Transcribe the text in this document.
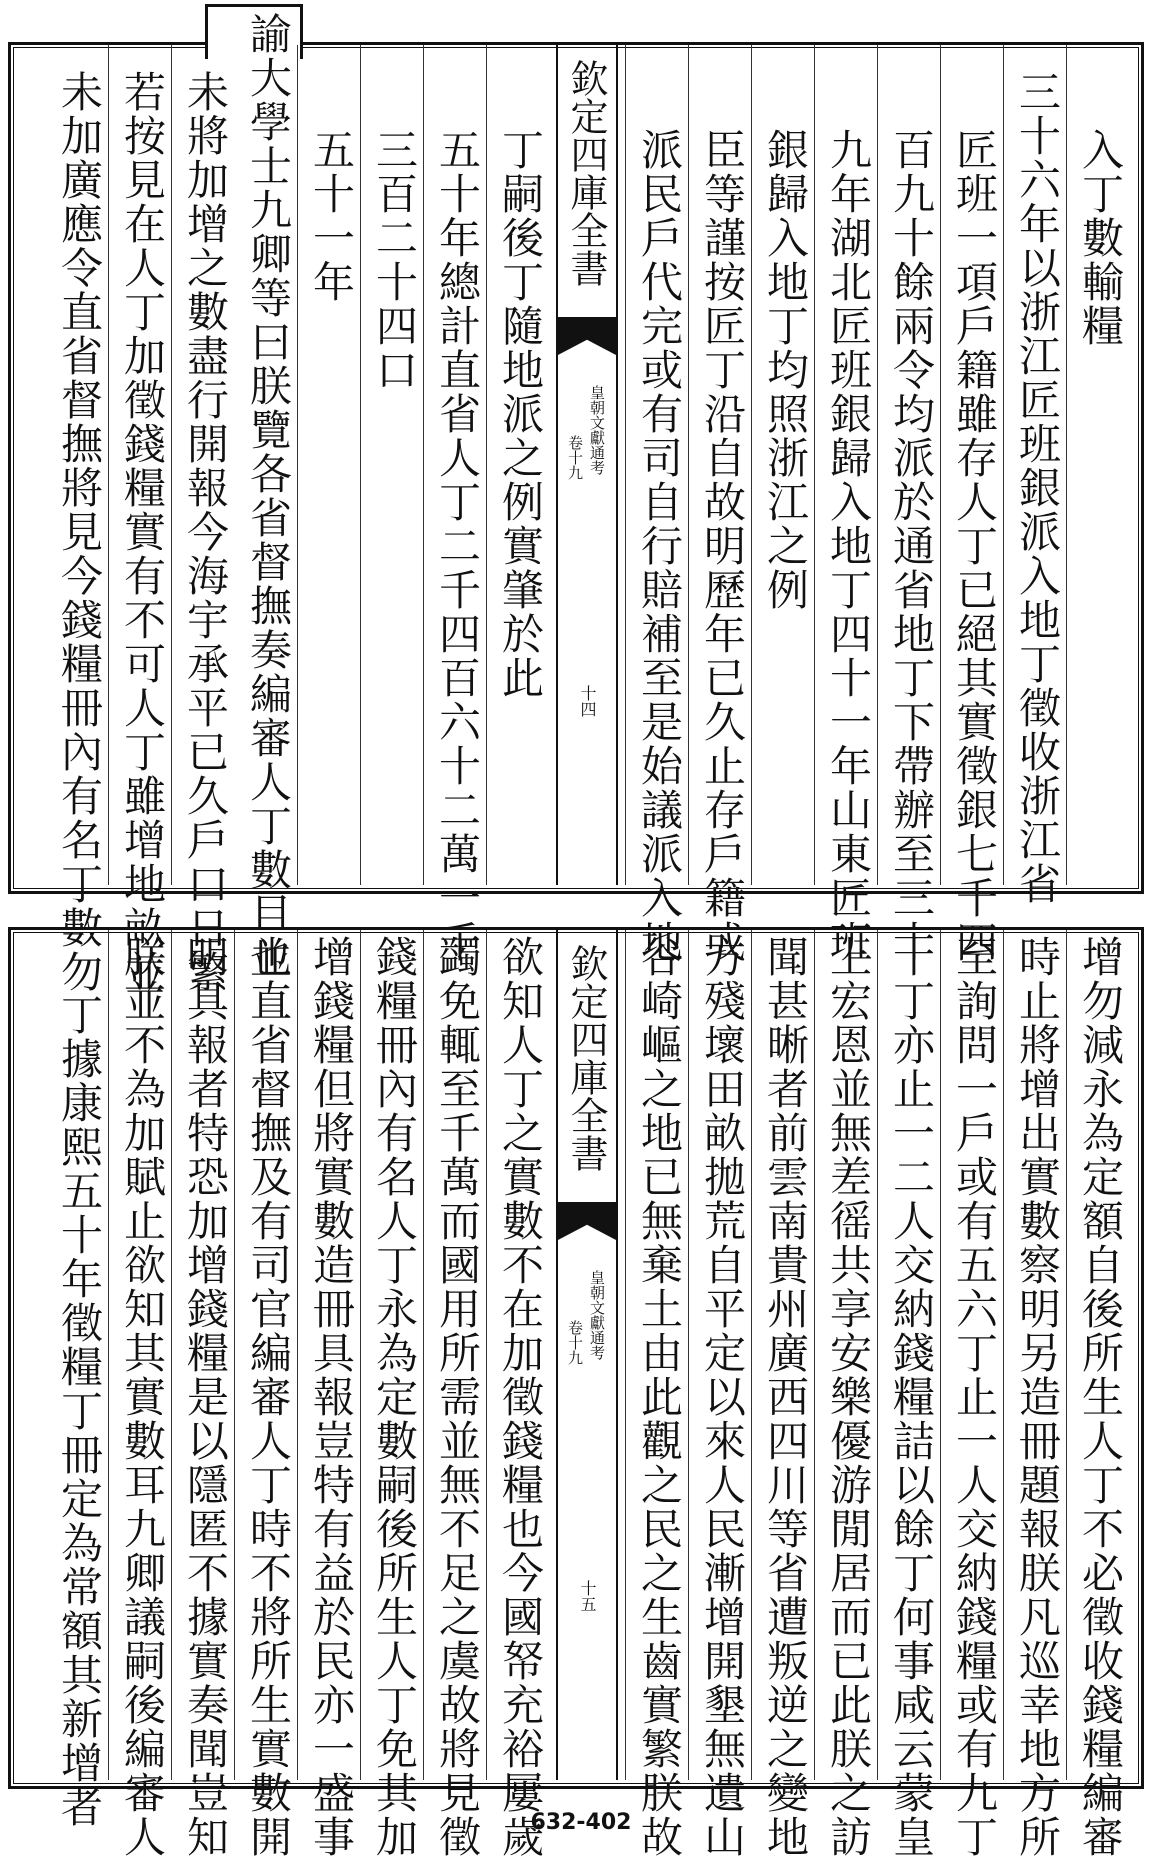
入丁數輸糧
三十六年以浙江匠班銀派入地丁徵收浙江省
匠班一項戶籍雖存人丁已絕其實徵銀七千四
百九十餘兩令均派於通省地丁下帶辦至三十
九年湖北匠班銀歸入地丁四十一年山東匠班
銀歸入地丁均照浙江之例
臣等謹按匠丁沿自故明歷年已久止存戶籍或
派民戶代完或有司自行賠補至是始議派入地
欽定四庫全書
皇朝文獻通考
卷十九
十四
丁嗣後丁隨地派之例實肇於此
五十年總計直省人丁二千四百六十二萬一千
三百二十四口
五十一年
諭大學士九卿等曰朕覽各省督撫奏編審人丁數目並
未將加增之數盡行開報今海宇承平已久戶口日繁
若按見在人丁加徵錢糧實有不可人丁雖增地畝並
未加廣應令直省督撫將見今錢糧冊內有名丁數勿
增勿減永為定額自後所生人丁不必徵收錢糧編審
時止將增出實數察明另造冊題報朕凡巡幸地方所
至詢問一戶或有五六丁止一人交納錢糧或有九丁
十丁亦止一二人交納錢糧詰以餘丁何事咸云蒙皇
上宏恩並無差徭共享安樂優游閒居而已此朕之訪
聞甚晰者前雲南貴州廣西四川等省遭叛逆之變地
方殘壞田畝拋荒自平定以來人民漸增開墾無遺山
谷崎嶇之地已無棄土由此觀之民之生齒實繁朕故
欽定四庫全書
皇朝文獻通考
卷十九
十五
欲知人丁之實數不在加徵錢糧也今國帑充裕屢歲
蠲免輒至千萬而國用所需並無不足之虞故將見徵
錢糧冊內有名人丁永為定數嗣後所生人丁免其加
增錢糧但將實數造冊具報豈特有益於民亦一盛事
也直省督撫及有司官編審人丁時不將所生實數開
明具報者特恐加增錢糧是以隱匿不據實奏聞豈知
朕並不為加賦止欲知其實數耳九卿議嗣後編審人
丁據康熙五十年徵糧丁冊定為常額其新增者	632-402
